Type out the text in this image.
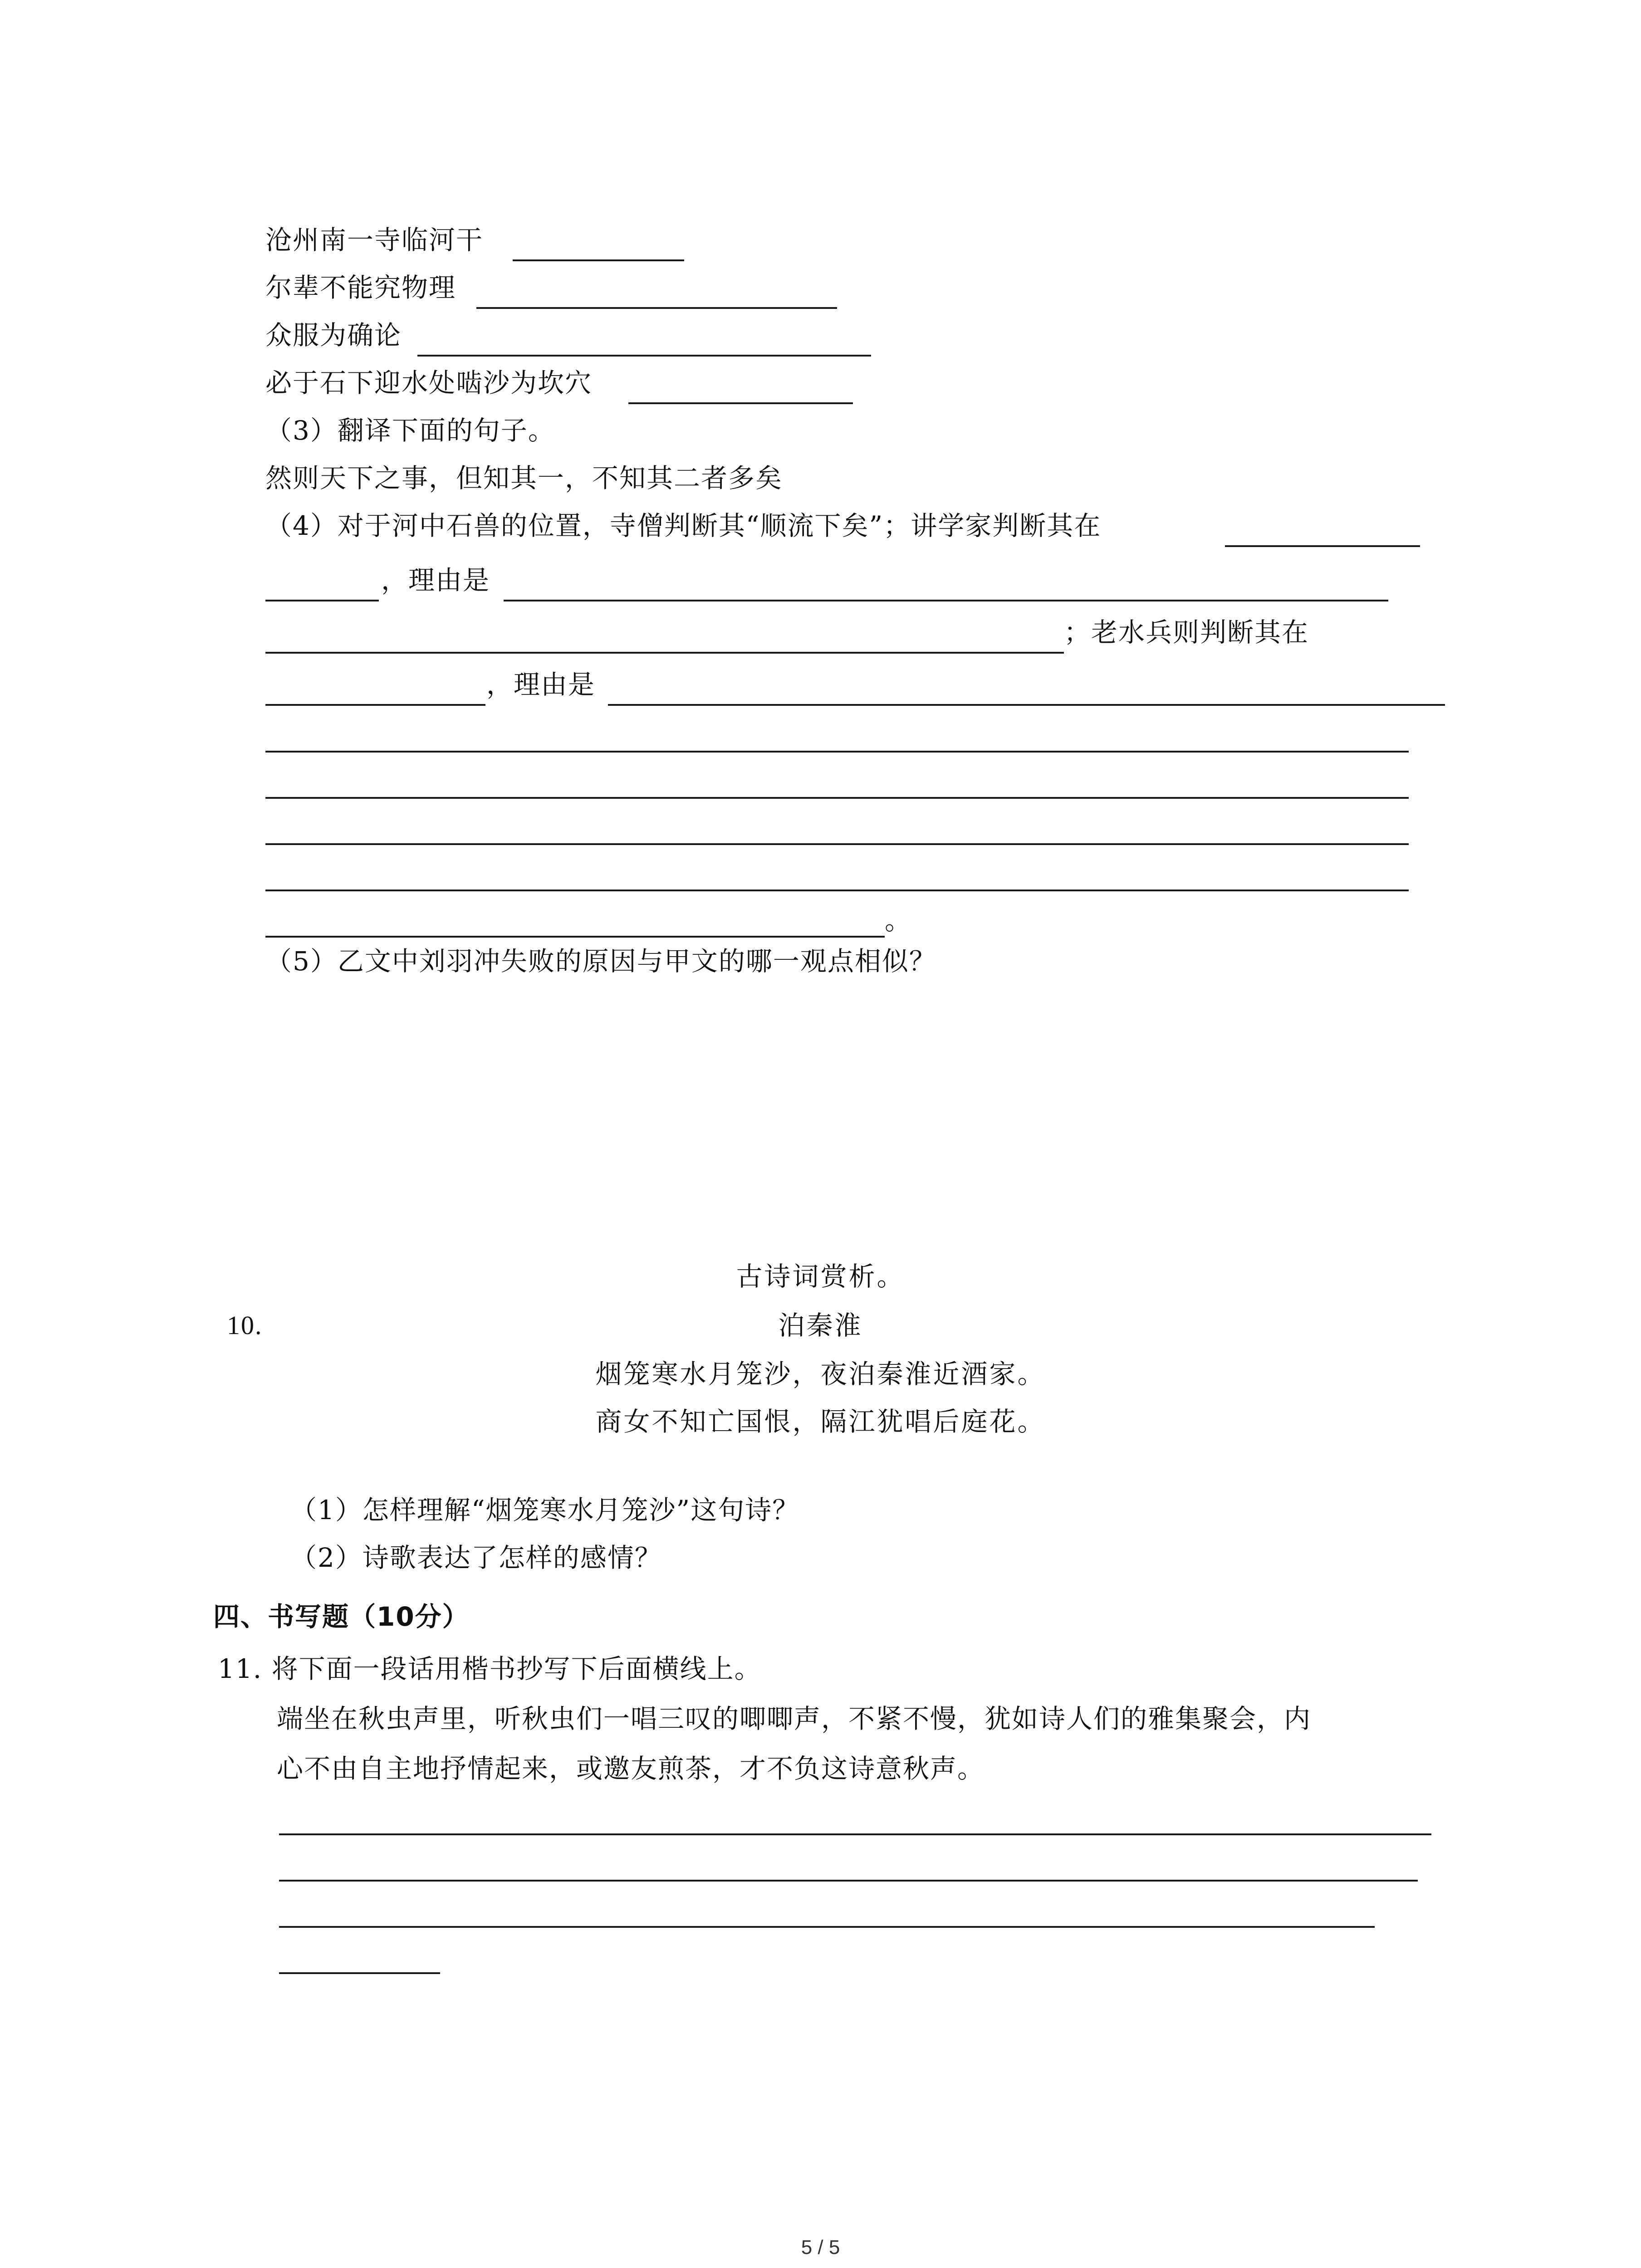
沧州南一寺临河干
尔辈不能究物理
众服为确论
必于石下迎水处啮沙为坎穴
（3）翻译下面的句子。
然则天下之事，但知其一，不知其二者多矣
（4）对于河中石兽的位置，寺僧判断其“顺流下矣”；讲学家判断其在
，理由是
；老水兵则判断其在
，理由是
。
（5）乙文中刘羽冲失败的原因与甲文的哪一观点相似？
古诗词赏析。
10.	泊秦淮
烟笼寒水月笼沙，夜泊秦淮近酒家。
商女不知亡国恨，隔江犹唱后庭花。
（1）怎样理解“烟笼寒水月笼沙”这句诗？
（2）诗歌表达了怎样的感情？
四、书写题（10分）
11. 将下面一段话用楷书抄写下后面横线上。
端坐在秋虫声里，听秋虫们一唱三叹的唧唧声，不紧不慢，犹如诗人们的雅集聚会，内
心不由自主地抒情起来，或邀友煎茶，才不负这诗意秋声。
5 / 5
